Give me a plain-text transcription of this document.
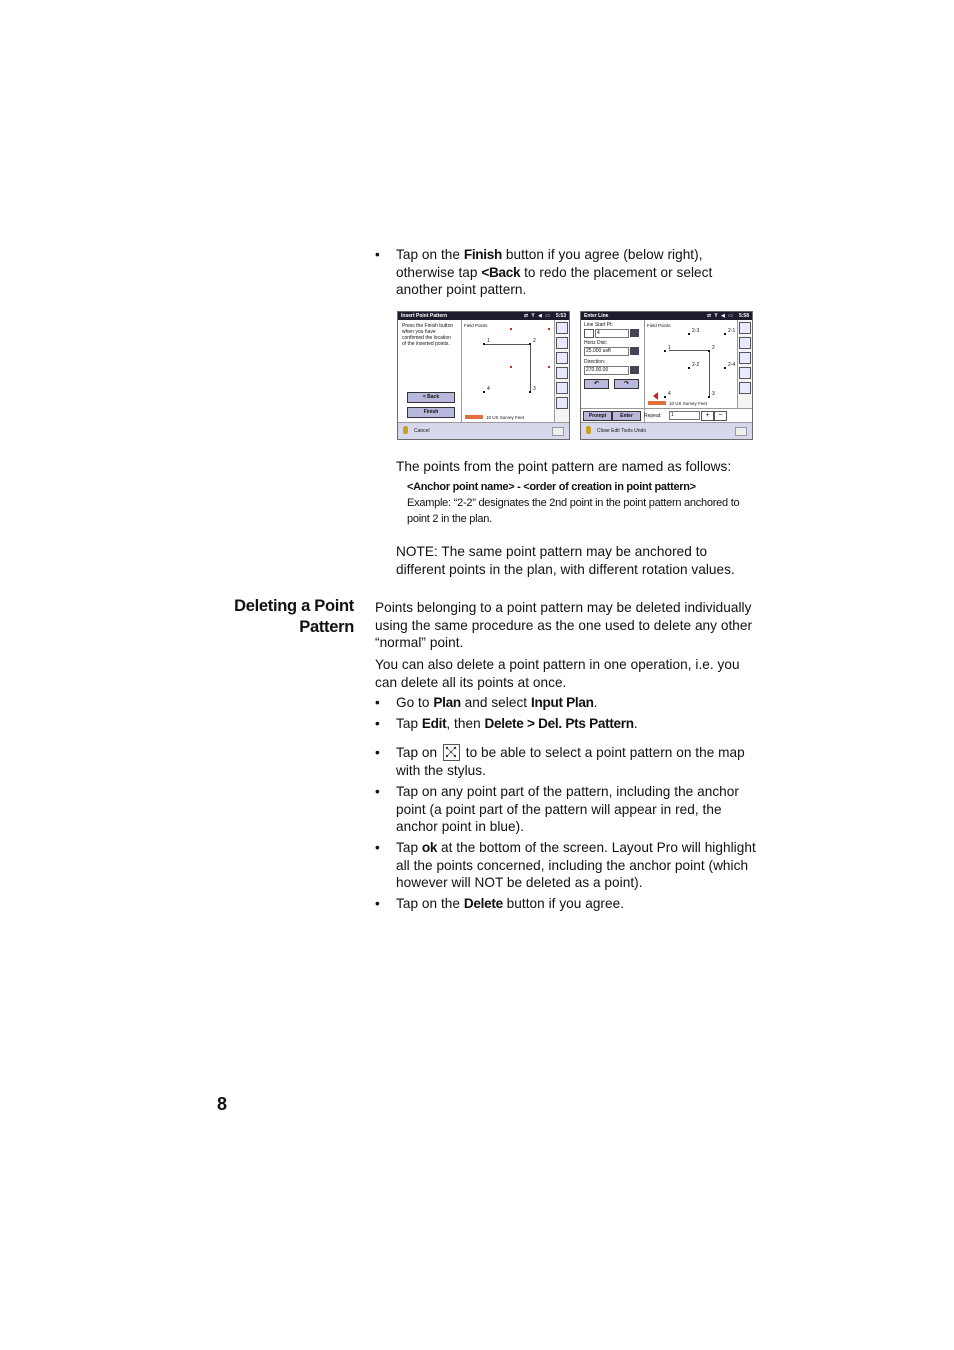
• Tap on the Finish button if you agree (below right), otherwise tap <Back to redo the placement or select another point pattern.
Insert Point Pattern	⇄ Y ◀ ▭ 5:53
Press the Finish button when you have confirmed the location of the inserted points.
< Back
Finish
Field Points
1	2
4	3
10 US Survey Feet
Cancel
Enter Line	⇄ Y ◀ ▭ 5:58
Line Start Pt:
4
Horiz Dist:
25.000 usft
Direction:
270.00.00
↶	↷
Field Points
2-3	2-1
1	2
2-2	2-4
4	3
10 US Survey Feet
Prompt	Enter	Repeat:	1	+	−
Close Edit Tools Undo
The points from the point pattern are named as follows:
<Anchor point name> - <order of creation in point pattern>
Example: “2-2” designates the 2nd point in the point pattern anchored to point 2 in the plan.
NOTE: The same point pattern may be anchored to different points in the plan, with different rotation values.
Deleting a Point
Pattern
Points belonging to a point pattern may be deleted individually using the same procedure as the one used to delete any other “normal” point.
You can also delete a point pattern in one operation, i.e. you can delete all its points at once.
• Go to Plan and select Input Plan.
• Tap Edit, then Delete > Del. Pts Pattern.
• Tap on  to be able to select a point pattern on the map with the stylus.
• Tap on any point part of the pattern, including the anchor point (a point part of the pattern will appear in red, the anchor point in blue).
• Tap ok at the bottom of the screen. Layout Pro will highlight all the points concerned, including the anchor point (which however will NOT be deleted as a point).
• Tap on the Delete button if you agree.
8
